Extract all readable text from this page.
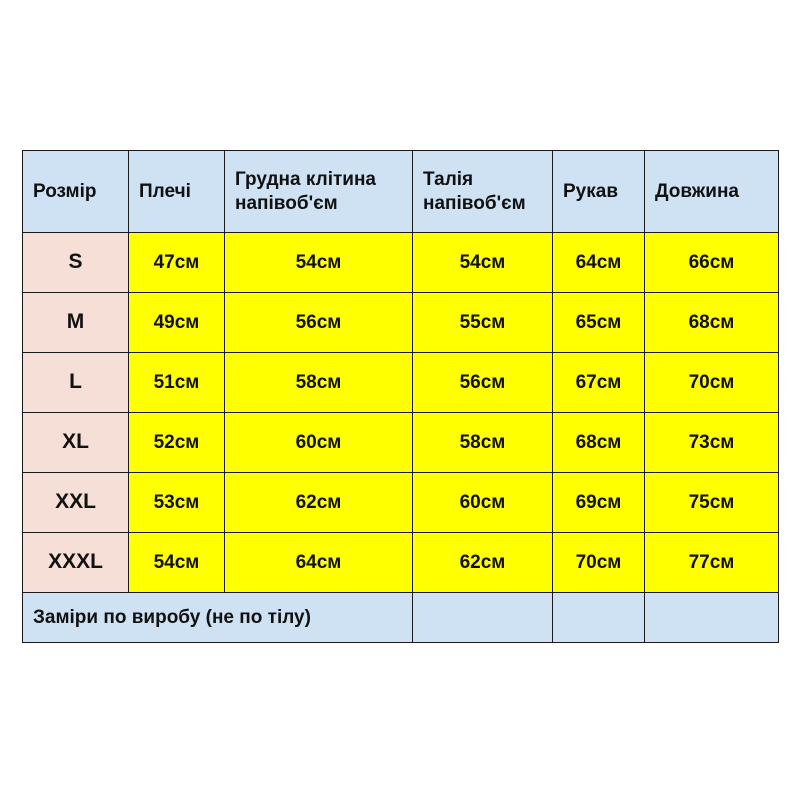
Розмір	Плечі	Грудна клітина напівоб'єм	Талія напівоб'єм	Рукав	Довжина
S	47см	54см	54см	64см	66см
M	49см	56см	55см	65см	68см
L	51см	58см	56см	67см	70см
XL	52см	60см	58см	68см	73см
XXL	53см	62см	60см	69см	75см
XXXL	54см	64см	62см	70см	77см
Заміри по виробу (не по тілу)					
